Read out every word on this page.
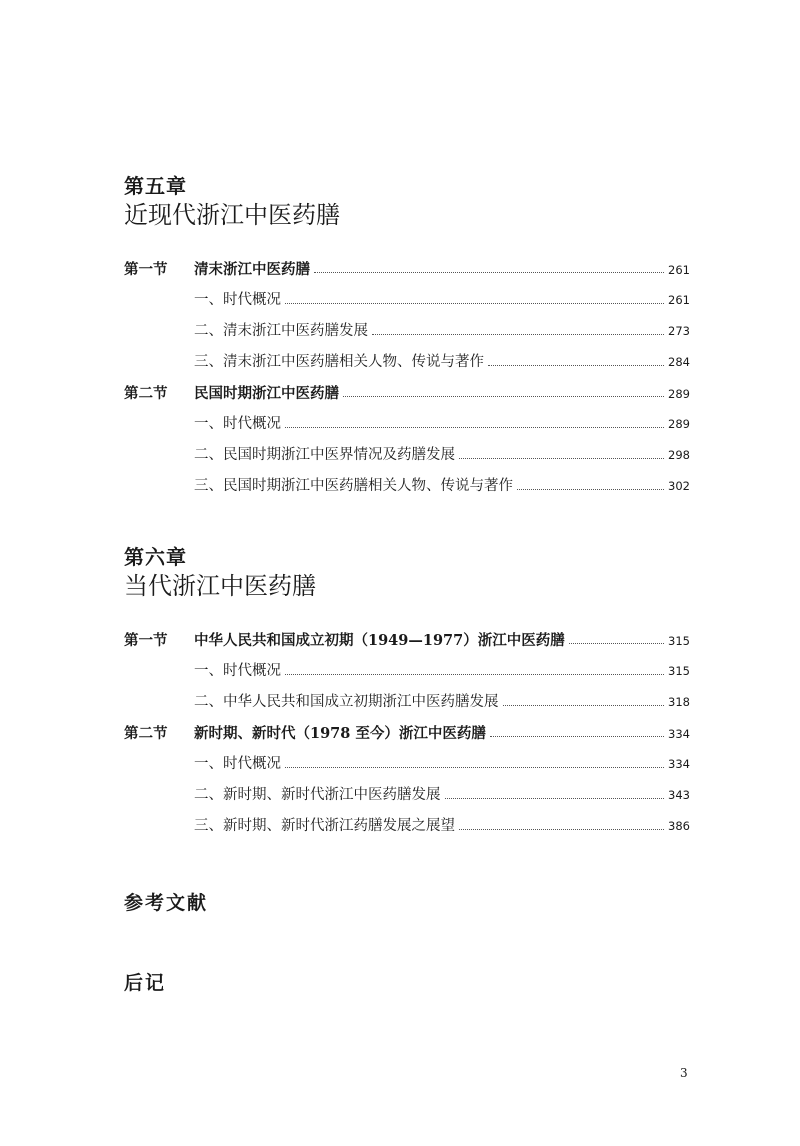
第五章
近现代浙江中医药膳
第一节	清末浙江中医药膳	261
一、时代概况	261
二、清末浙江中医药膳发展	273
三、清末浙江中医药膳相关人物、传说与著作	284
第二节	民国时期浙江中医药膳	289
一、时代概况	289
二、民国时期浙江中医界情况及药膳发展	298
三、民国时期浙江中医药膳相关人物、传说与著作	302
第六章
当代浙江中医药膳
第一节	中华人民共和国成立初期（1949—1977）浙江中医药膳	315
一、时代概况	315
二、中华人民共和国成立初期浙江中医药膳发展	318
第二节	新时期、新时代（1978 至今）浙江中医药膳	334
一、时代概况	334
二、新时期、新时代浙江中医药膳发展	343
三、新时期、新时代浙江药膳发展之展望	386
参考文献
后记
3
